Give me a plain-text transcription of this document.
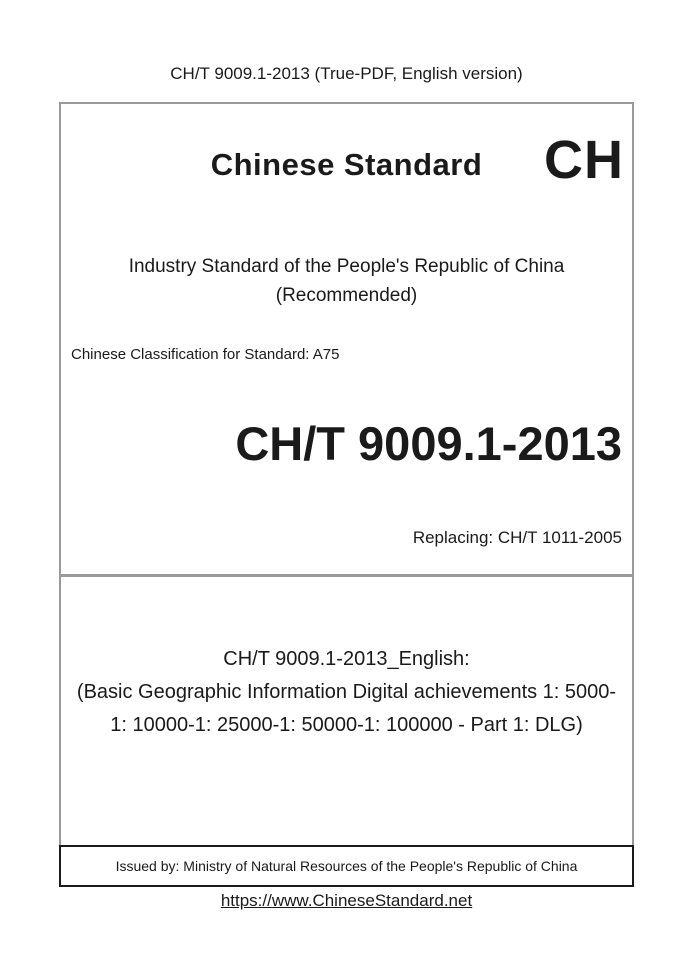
CH/T 9009.1-2013 (True-PDF, English version)
Chinese Standard	CH
Industry Standard of the People's Republic of China
(Recommended)
Chinese Classification for Standard: A75
CH/T 9009.1-2013
Replacing: CH/T 1011-2005
CH/T 9009.1-2013_English:
(Basic Geographic Information Digital achievements 1: 5000-
1: 10000-1: 25000-1: 50000-1: 100000 - Part 1: DLG)
Issued by: Ministry of Natural Resources of the People's Republic of China
https://www.ChineseStandard.net
